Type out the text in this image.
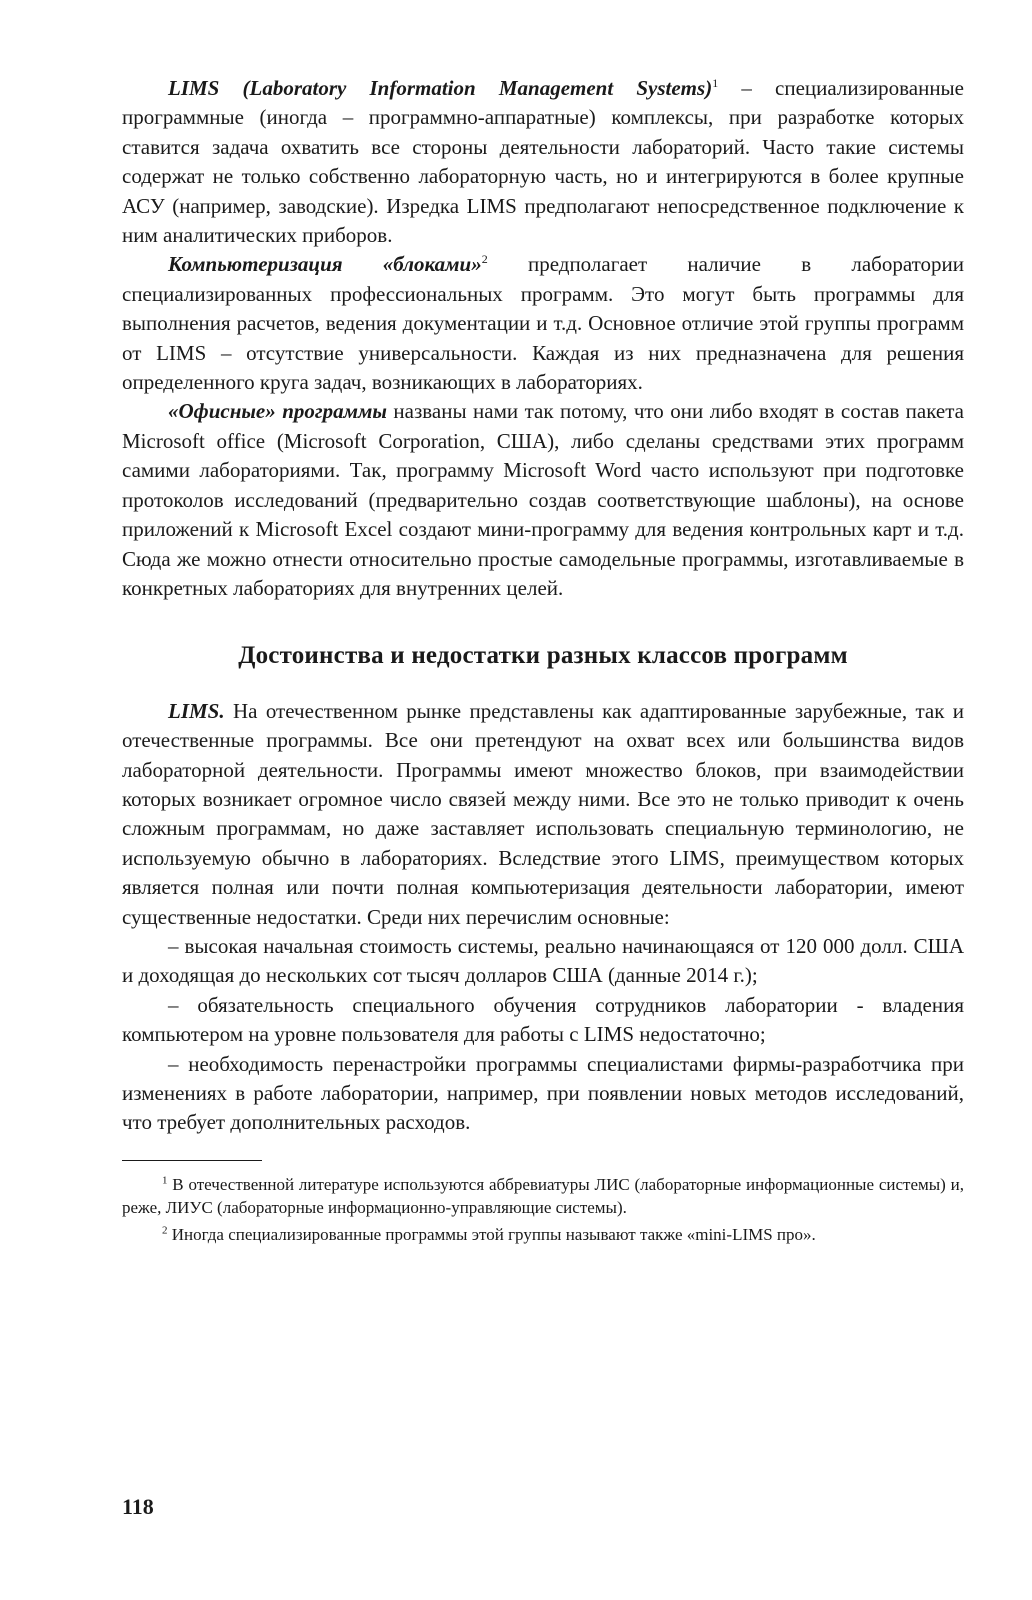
LIMS (Laboratory Information Management Systems)$^1$ – специализированные программные (иногда – программно-аппаратные) комплексы, при разработке которых ставится задача охватить все стороны деятельности лабораторий. Часто такие системы содержат не только собственно лабораторную часть, но и интегрируются в более крупные АСУ (например, заводские). Изредка LIMS предполагают непосредственное подключение к ним аналитических приборов.

Компьютеризация «блоками»$^2$ предполагает наличие в лаборатории специализированных профессиональных программ. Это могут быть программы для выполнения расчетов, ведения документации и т.д. Основное отличие этой группы программ от LIMS – отсутствие универсальности. Каждая из них предназначена для решения определенного круга задач, возникающих в лабораториях.

«Офисные» программы названы нами так потому, что они либо входят в состав пакета Microsoft office (Microsoft Corporation, США), либо сделаны средствами этих программ самими лабораториями. Так, программу Microsoft Word часто используют при подготовке протоколов исследований (предварительно создав соответствующие шаблоны), на основе приложений к Microsoft Excel создают мини-программу для ведения контрольных карт и т.д. Сюда же можно отнести относительно простые самодельные программы, изготавливаемые в конкретных лабораториях для внутренних целей.

Достоинства и недостатки разных классов программ

LIMS. На отечественном рынке представлены как адаптированные зарубежные, так и отечественные программы. Все они претендуют на охват всех или большинства видов лабораторной деятельности. Программы имеют множество блоков, при взаимодействии которых возникает огромное число связей между ними. Все это не только приводит к очень сложным программам, но даже заставляет использовать специальную терминологию, не используемую обычно в лабораториях. Вследствие этого LIMS, преимуществом которых является полная или почти полная компьютеризация деятельности лаборатории, имеют существенные недостатки. Среди них перечислим основные:

– высокая начальная стоимость системы, реально начинающаяся от 120 000 долл. США и доходящая до нескольких сот тысяч долларов США (данные 2014 г.);

– обязательность специального обучения сотрудников лаборатории - владения компьютером на уровне пользователя для работы с LIMS недостаточно;

– необходимость перенастройки программы специалистами фирмы-разработчика при изменениях в работе лаборатории, например, при появлении новых методов исследований, что требует дополнительных расходов.

$^1$ В отечественной литературе используются аббревиатуры ЛИС (лабораторные информационные системы) и, реже, ЛИУС (лабораторные информационно-управляющие системы).

$^2$ Иногда специализированные программы этой группы называют также «mini-LIMS про».

118
